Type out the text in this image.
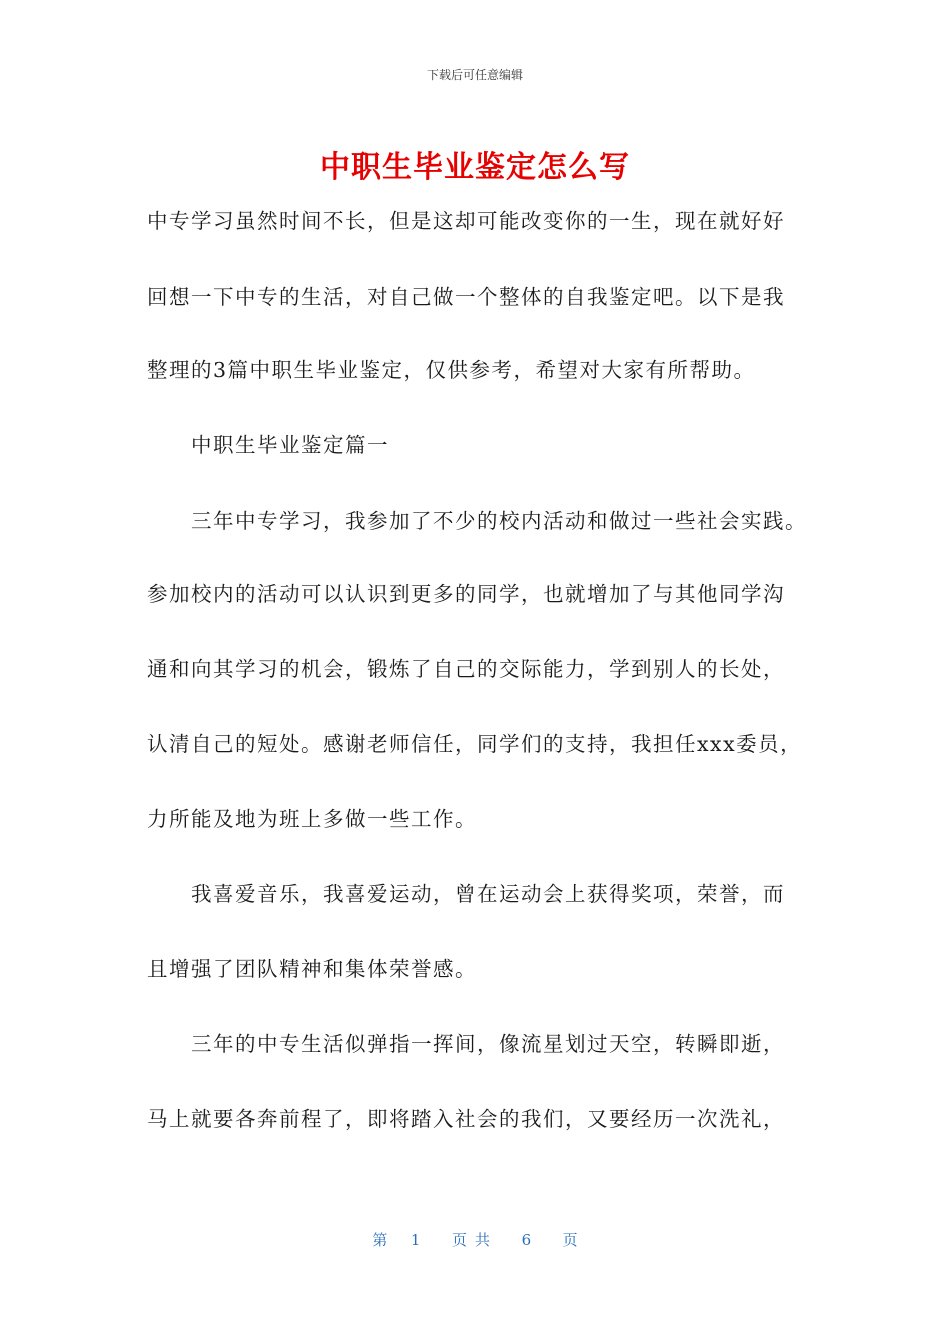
下载后可任意编辑
中职生毕业鉴定怎么写
中专学习虽然时间不长，但是这却可能改变你的一生，现在就好好
回想一下中专的生活，对自己做一个整体的自我鉴定吧。以下是我
整理的3篇中职生毕业鉴定，仅供参考，希望对大家有所帮助。
中职生毕业鉴定篇一
三年中专学习，我参加了不少的校内活动和做过一些社会实践。
参加校内的活动可以认识到更多的同学，也就增加了与其他同学沟
通和向其学习的机会，锻炼了自己的交际能力，学到别人的长处，
认清自己的短处。感谢老师信任，同学们的支持，我担任xxx委员，
力所能及地为班上多做一些工作。
我喜爱音乐，我喜爱运动，曾在运动会上获得奖项，荣誉，而
且增强了团队精神和集体荣誉感。
三年的中专生活似弹指一挥间，像流星划过天空，转瞬即逝，
马上就要各奔前程了，即将踏入社会的我们，又要经历一次洗礼，
第 1 页共 6 页
